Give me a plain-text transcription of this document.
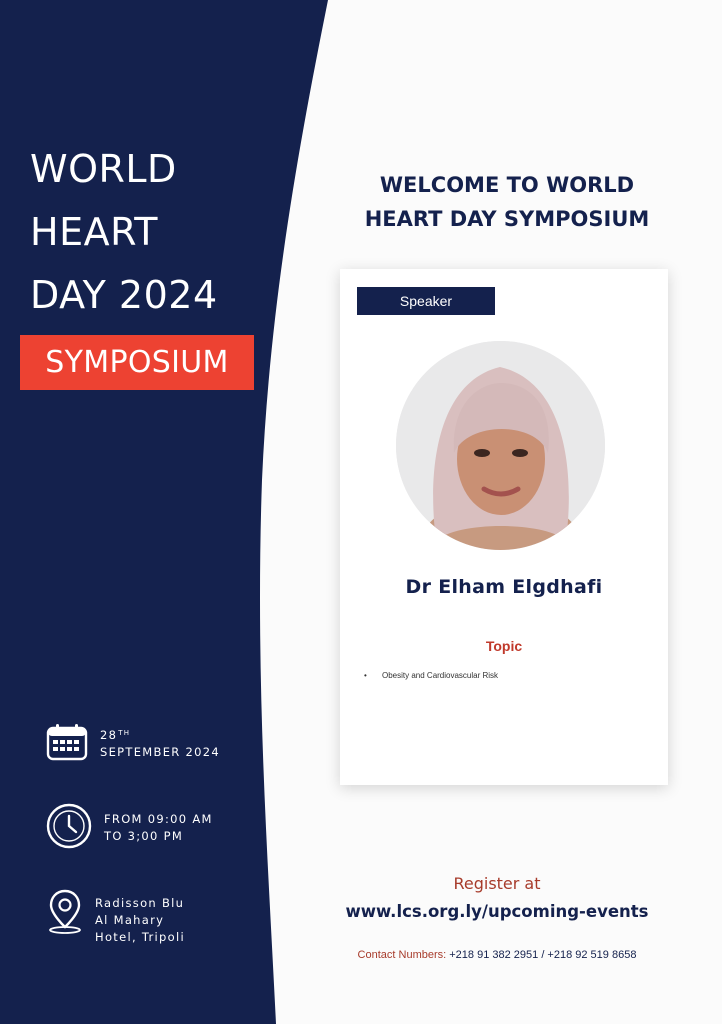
WORLD
HEART
DAY 2024
SYMPOSIUM
WELCOME TO WORLD
HEART DAY SYMPOSIUM
Speaker
Dr Elham Elgdhafi
Topic
• Obesity and Cardiovascular Risk
28TH
SEPTEMBER 2024
FROM 09:00 AM
TO 3;00 PM
Radisson Blu
Al Mahary
Hotel, Tripoli
Register at
www.lcs.org.ly/upcoming-events
Contact Numbers: +218 91 382 2951 / +218 92 519 8658
